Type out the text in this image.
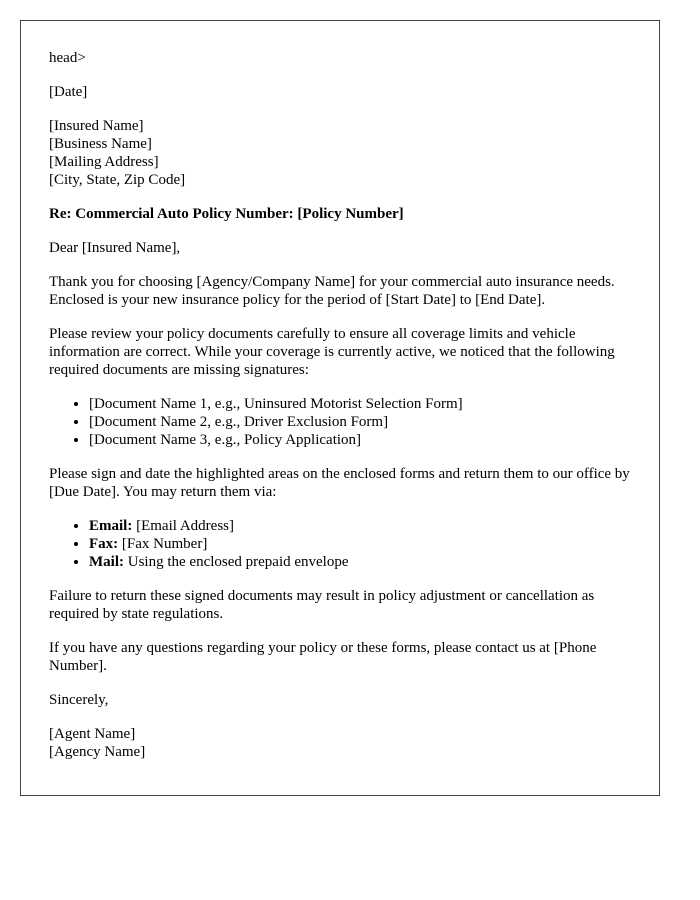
head>

[Date]

[Insured Name]
[Business Name]
[Mailing Address]
[City, State, Zip Code]

Re: Commercial Auto Policy Number: [Policy Number]

Dear [Insured Name],

Thank you for choosing [Agency/Company Name] for your commercial auto insurance needs. Enclosed is your new insurance policy for the period of [Start Date] to [End Date].

Please review your policy documents carefully to ensure all coverage limits and vehicle information are correct. While your coverage is currently active, we noticed that the following required documents are missing signatures:

• [Document Name 1, e.g., Uninsured Motorist Selection Form]
• [Document Name 2, e.g., Driver Exclusion Form]
• [Document Name 3, e.g., Policy Application]

Please sign and date the highlighted areas on the enclosed forms and return them to our office by [Due Date]. You may return them via:

• Email: [Email Address]
• Fax: [Fax Number]
• Mail: Using the enclosed prepaid envelope

Failure to return these signed documents may result in policy adjustment or cancellation as required by state regulations.

If you have any questions regarding your policy or these forms, please contact us at [Phone Number].

Sincerely,

[Agent Name]
[Agency Name]
